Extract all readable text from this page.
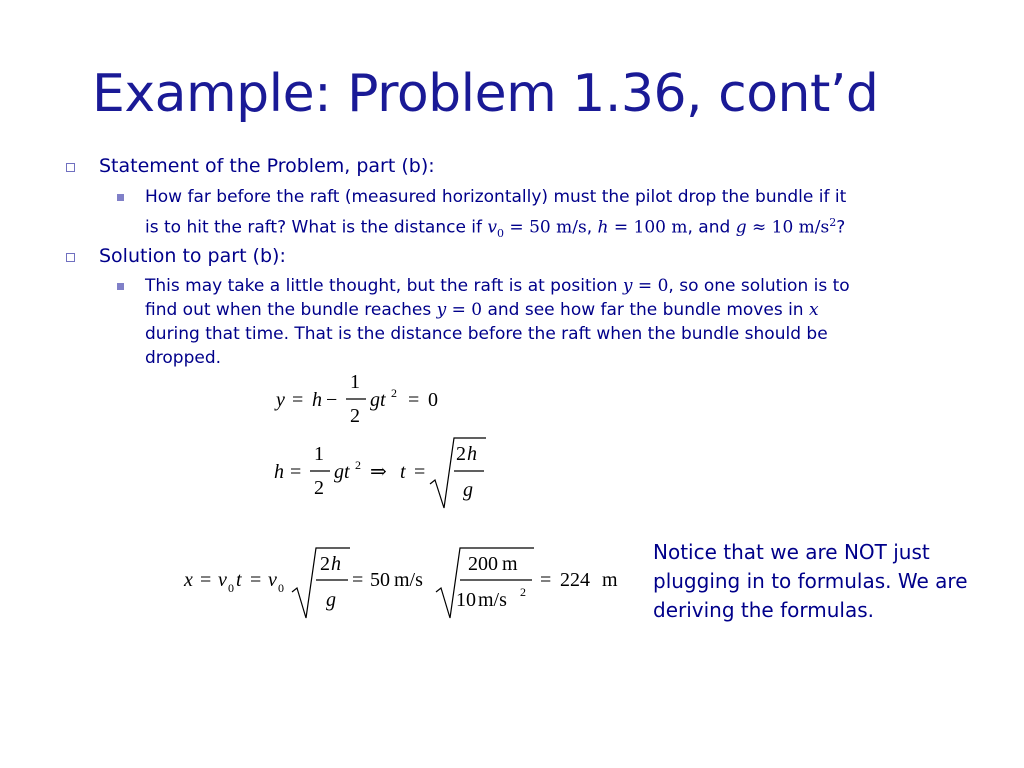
Example: Problem 1.36, cont’d
Statement of the Problem, part (b):
How far before the raft (measured horizontally) must the pilot drop the bundle if it
is to hit the raft? What is the distance if $v_0 = 50$ m/s, h = 100 m, and g ≈ 10 $m/s^2$?
Solution to part (b):
This may take a little thought, but the raft is at position y = 0, so one solution is to
find out when the bundle reaches y = 0 and see how far the bundle moves in x
during that time. That is the distance before the raft when the bundle should be
dropped.
y = h −
1
2
gt 2 = 0
h =
1
2
gt 2 ⇒ t =
2 h
g
x = v 0 t = v 0
2 h
g
= 50 m/s
200 m
10 m/s 2
= 224 m
Notice that we are NOT just plugging in to formulas. We are deriving the formulas.
